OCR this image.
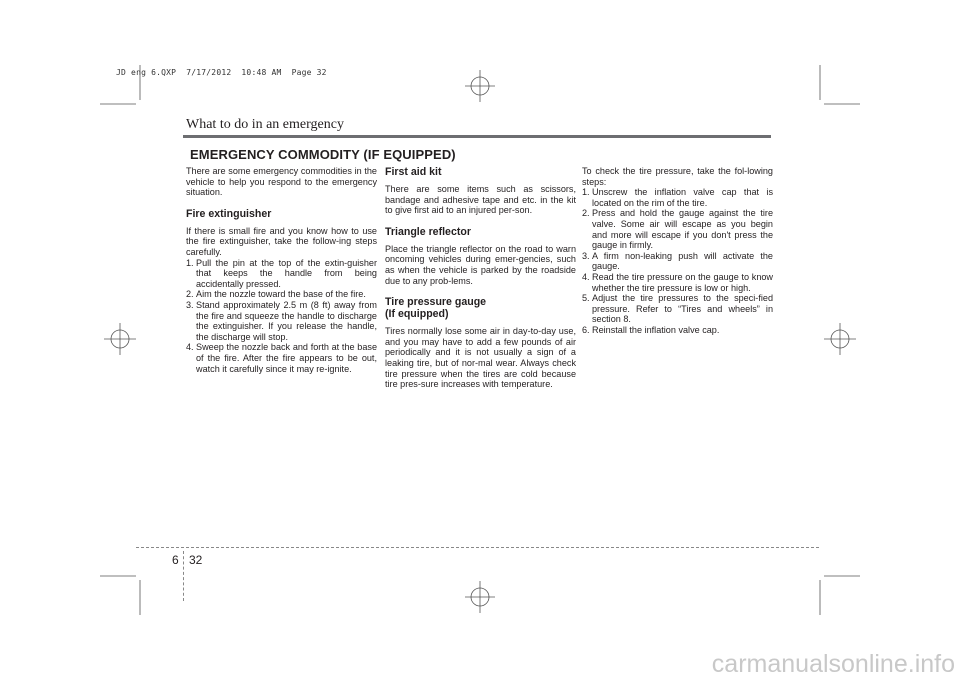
carmanualsonline.info
JD eng 6.QXP  7/17/2012  10:48 AM  Page 32
What to do in an emergency
EMERGENCY COMMODITY (IF EQUIPPED)

There are some emergency commodities in the vehicle to help you respond to the emergency situation.

Fire extinguisher

If there is small fire and you know how to use the fire extinguisher, take the follow-ing steps carefully.

1. Pull the pin at the top of the extin-guisher that keeps the handle from being accidentally pressed.
2. Aim the nozzle toward the base of the fire.
3. Stand approximately 2.5 m (8 ft) away from the fire and squeeze the handle to discharge the extinguisher. If you release the handle, the discharge will stop.
4. Sweep the nozzle back and forth at the base of the fire. After the fire appears to be out, watch it carefully since it may re-ignite.
First aid kit

There are some items such as scissors, bandage and adhesive tape and etc. in the kit to give first aid to an injured per-son.

Triangle reflector

Place the triangle reflector on the road to warn oncoming vehicles during emer-gencies, such as when the vehicle is parked by the roadside due to any prob-lems.

Tire pressure gauge
(If equipped)

Tires normally lose some air in day-to-day use, and you may have to add a few pounds of air periodically and it is not usually a sign of a leaking tire, but of nor-mal wear. Always check tire pressure when the tires are cold because tire pres-sure increases with temperature.

To check the tire pressure, take the fol-lowing steps:

1. Unscrew the inflation valve cap that is located on the rim of the tire.
2. Press and hold the gauge against the tire valve. Some air will escape as you begin and more will escape if you don't press the gauge in firmly.
3. A firm non-leaking push will activate the gauge.
4. Read the tire pressure on the gauge to know whether the tire pressure is low or high.
5. Adjust the tire pressures to the speci-fied pressure. Refer to “Tires and wheels” in section 8.
6. Reinstall the inflation valve cap.
6 32
